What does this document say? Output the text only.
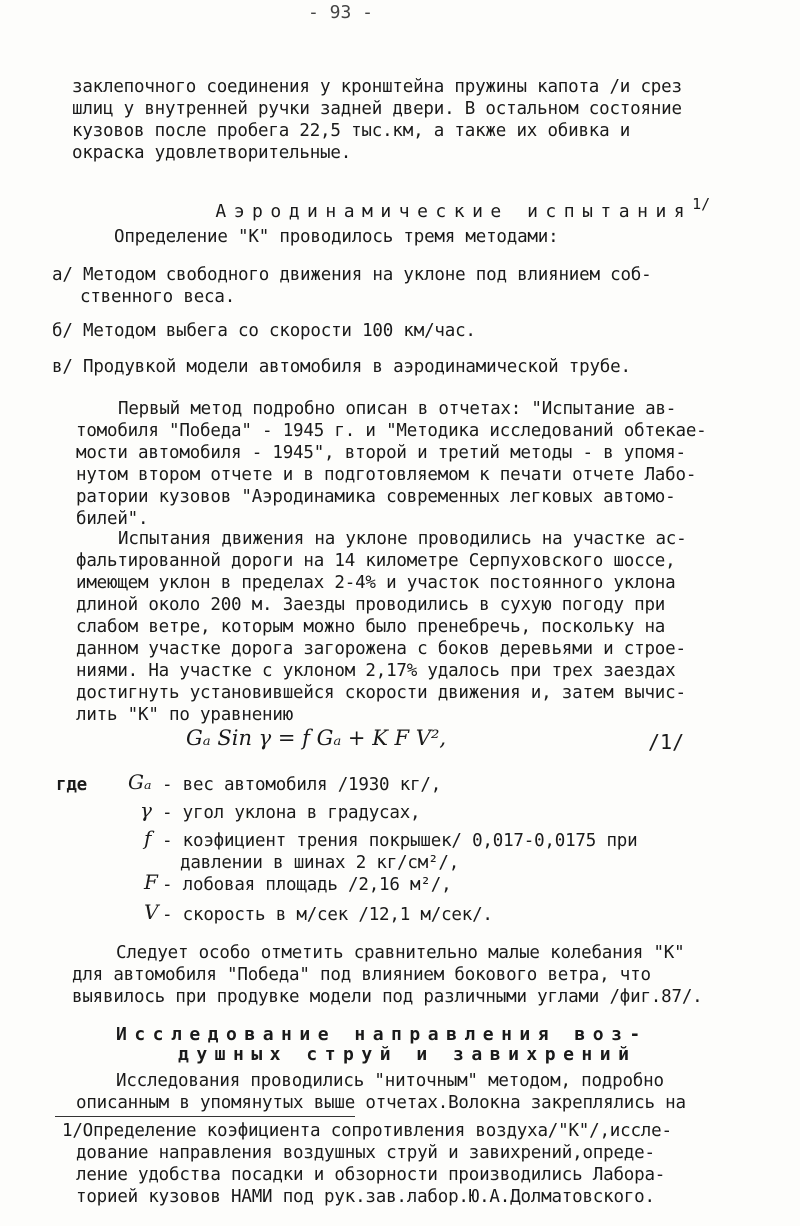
- 93 -
заклепочного соединения у кронштейна пружины капота /и срез
шлиц у внутренней ручки задней двери. В остальном состояние
кузовов после пробега 22,5 тыс.км, а также их обивка и
окраска удовлетворительные.

Аэродинамические испытания$^{1/}$

Определение "К" проводилось тремя методами:
а/ Методом свободного движения на уклоне под влиянием соб-
ственного веса.
б/ Методом выбега со скорости 100 км/час.
в/ Продувкой модели автомобиля в аэродинамической трубе.
Первый метод подробно описан в отчетах: "Испытание ав-
томобиля "Победа" - 1945 г. и "Методика исследований обтекае-
мости автомобиля - 1945", второй и третий методы - в упомя-
нутом втором отчете и в подготовляемом к печати отчете Лабо-
ратории кузовов "Аэродинамика современных легковых автомо-
билей".
Испытания движения на уклоне проводились на участке ас-
фальтированной дороги на 14 километре Серпуховского шоссе,
имеющем уклон в пределах 2-4% и участок постоянного уклона
длиной около 200 м. Заезды проводились в сухую погоду при
слабом ветре, которым можно было пренебречь, поскольку на
данном участке дорога загорожена с боков деревьями и строе-
ниями. На участке с уклоном 2,17% удалось при трех заездах
достигнуть установившейся скорости движения и, затем вычис-
лить "К" по уравнению
Gₐ Sin γ = f Gₐ + K F V²,	/1/
где Gₐ - вес автомобиля /1930 кг/,
γ - угол уклона в градусах,
f - коэфициент трения покрышек/ 0,017-0,0175 при
давлении в шинах 2 кг/см²/,
F - лобовая площадь /2,16 м²/,
V - скорость в м/сек /12,1 м/сек/.
Следует особо отметить сравнительно малые колебания "К"
для автомобиля "Победа" под влиянием бокового ветра, что
выявилось при продувке модели под различными углами /фиг.87/.
Исследование направления воз-
душных струй и завихрений
Исследования проводились "ниточным" методом, подробно
описанным в упомянутых выше отчетах.Волокна закреплялись на
1/Определение коэфициента сопротивления воздуха/"К"/,иссле-
дование направления воздушных струй и завихрений,опреде-
ление удобства посадки и обзорности производились Лабора-
торией кузовов НАМИ под рук.зав.лабор.Ю.А.Долматовского.
